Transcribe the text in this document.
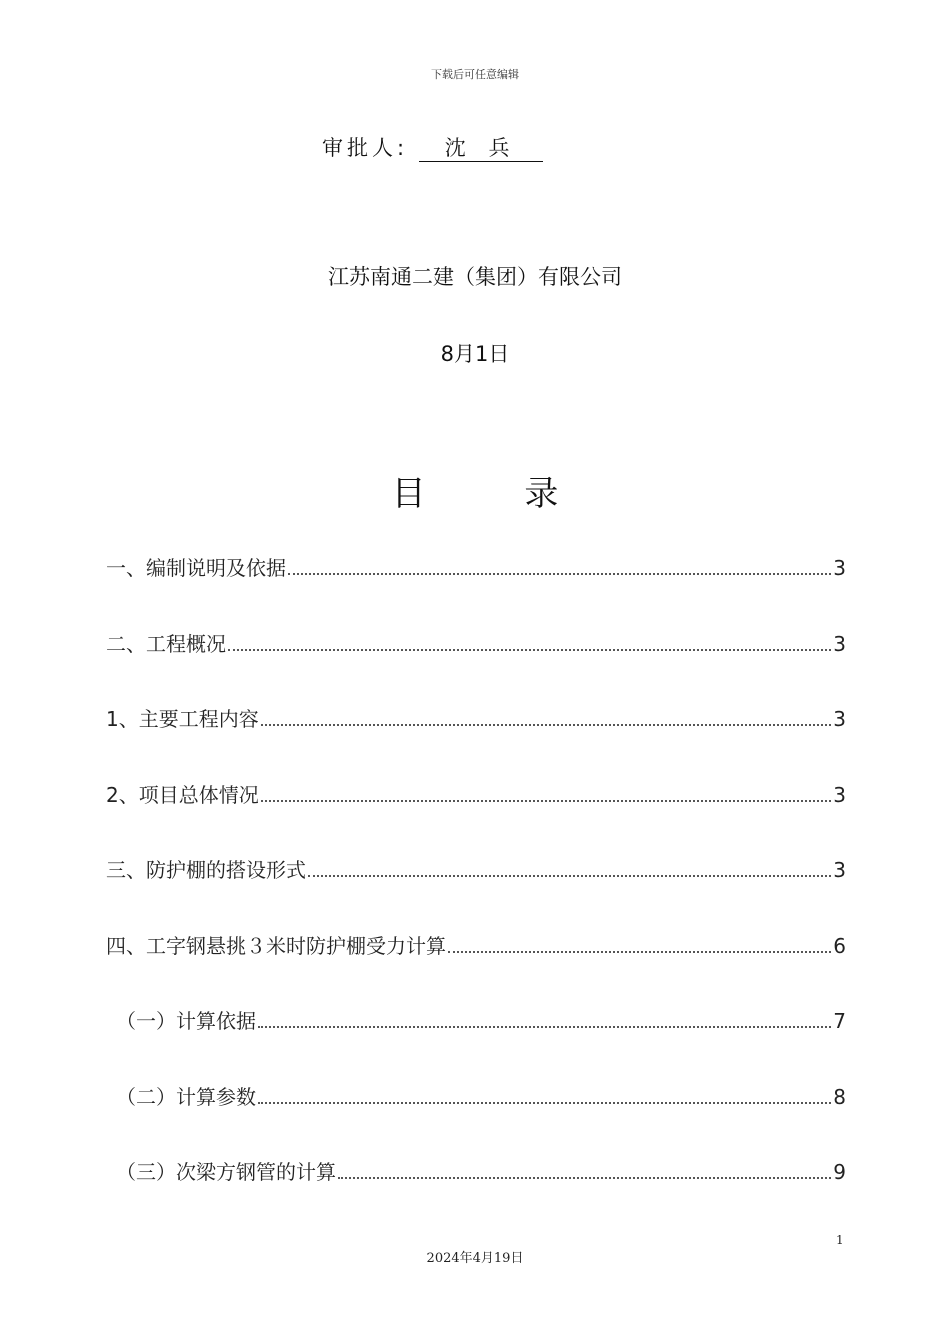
下载后可任意编辑
审批人: 沈 兵
江苏南通二建（集团）有限公司
8月1日
目 录
一、编制说明及依据	3
二、工程概况	3
1、主要工程内容	3
2、项目总体情况	3
三、防护棚的搭设形式	3
四、工字钢悬挑３米时防护棚受力计算	6
（一）计算依据	7
（二）计算参数	8
（三）次梁方钢管的计算	9
1
2024年4月19日
